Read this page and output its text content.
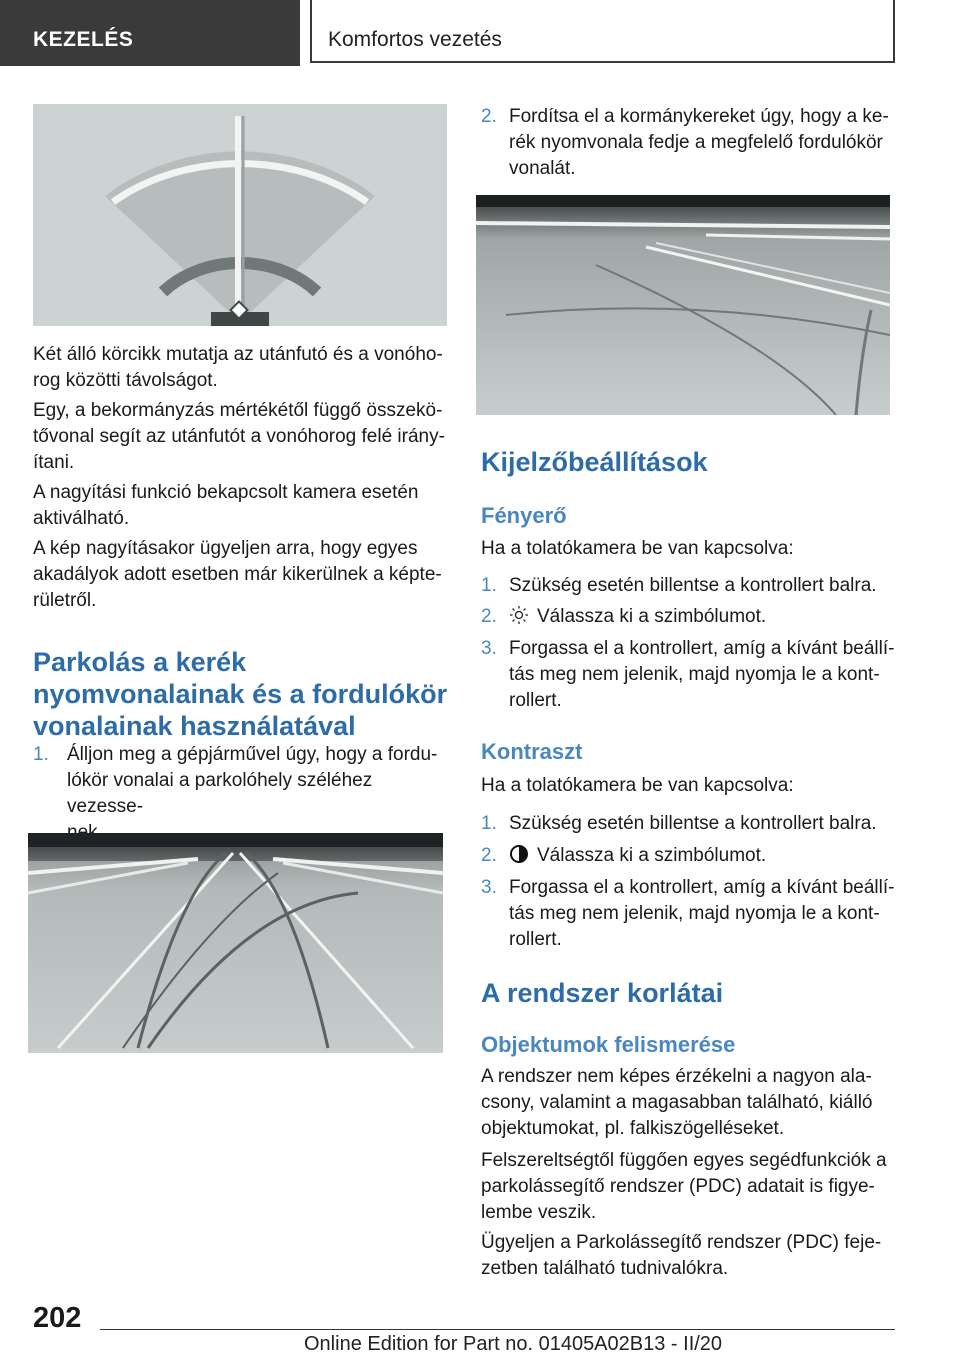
KEZELÉS	Komfortos vezetés

Két álló körcikk mutatja az utánfutó és a vonóho-
rog közötti távolságot.

Egy, a bekormányzás mértékétől függő összekö-
tővonal segít az utánfutót a vonóhorog felé irány-
ítani.

A nagyítási funkció bekapcsolt kamera esetén
aktiválható.

A kép nagyításakor ügyeljen arra, hogy egyes
akadályok adott esetben már kikerülnek a képte-
rületről.

Parkolás a kerék
nyomvonalainak és a fordulókör
vonalainak használatával
1. Álljon meg a gépjárművel úgy, hogy a fordu-
lókör vonalai a parkolóhely széléhez vezesse-

2. Fordítsa el a kormánykereket úgy, hogy a ke-
rék nyomvonala fedje a megfelelő fordulókör
vonalát.
Kijelzőbeállítások
Fényerő

Ha a tolatókamera be van kapcsolva:

1. Szükség esetén billentse a kontrollert balra.
2.	Válassza ki a szimbólumot.
3. Forgassa el a kontrollert, amíg a kívánt beállí-
tás meg nem jelenik, majd nyomja le a kont-
rollert.
Kontraszt

Ha a tolatókamera be van kapcsolva:

1. Szükség esetén billentse a kontrollert balra.
2.	Válassza ki a szimbólumot.
3. Forgassa el a kontrollert, amíg a kívánt beállí-
tás meg nem jelenik, majd nyomja le a kont-
rollert.
A rendszer korlátai
Objektumok felismerése

A rendszer nem képes érzékelni a nagyon ala-
csony, valamint a magasabban található, kiálló
objektumokat, pl. falkiszögelléseket.

Felszereltségtől függően egyes segédfunkciók a
parkolássegítő rendszer (PDC) adatait is figye-
lembe veszik.

Ügyeljen a Parkolássegítő rendszer (PDC) feje-
zetben található tudnivalókra.

202
Online Edition for Part no. 01405A02B13 - II/20
